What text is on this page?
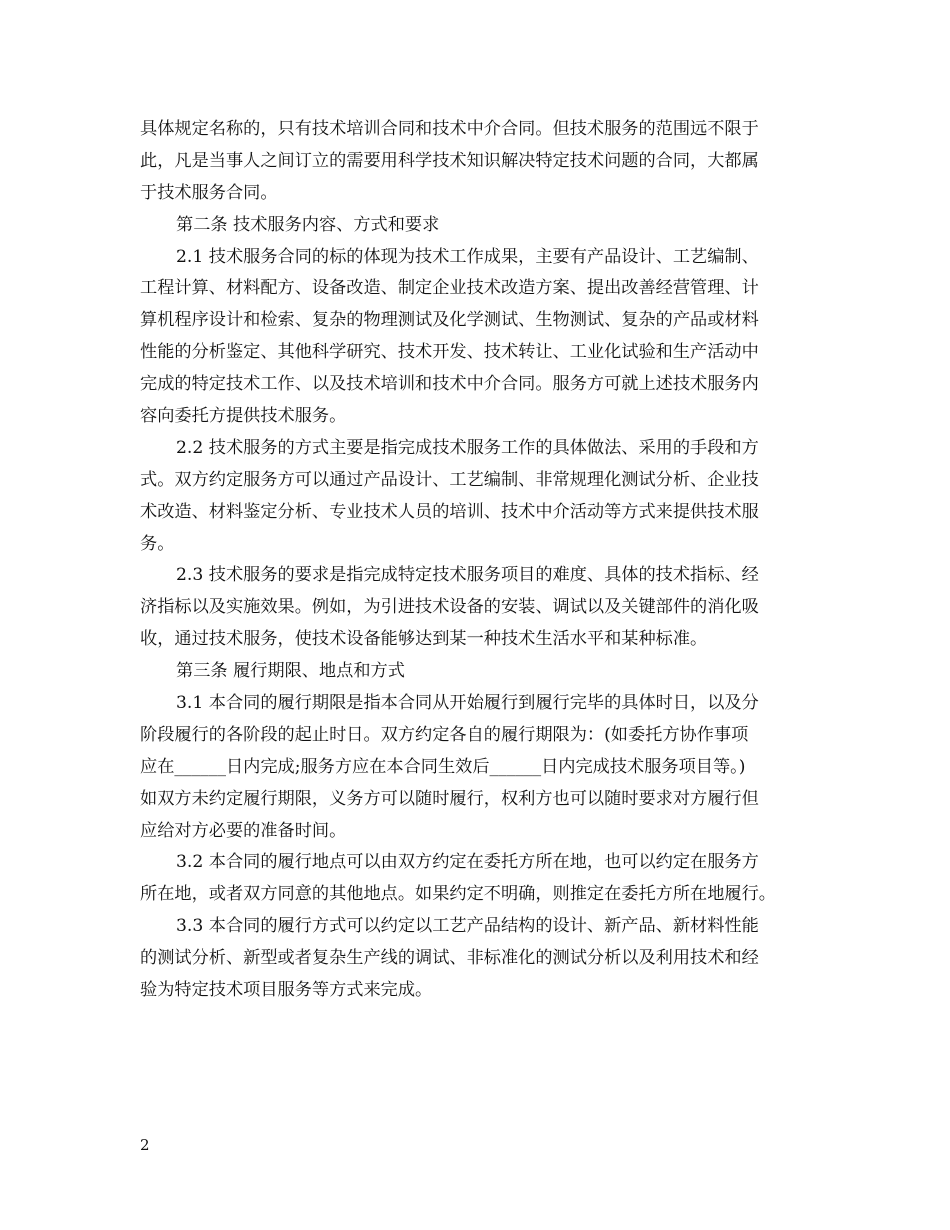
具体规定名称的，只有技术培训合同和技术中介合同。但技术服务的范围远不限于
此，凡是当事人之间订立的需要用科学技术知识解决特定技术问题的合同，大都属
于技术服务合同。
第二条 技术服务内容、方式和要求
2.1 技术服务合同的标的体现为技术工作成果，主要有产品设计、工艺编制、
工程计算、材料配方、设备改造、制定企业技术改造方案、提出改善经营管理、计
算机程序设计和检索、复杂的物理测试及化学测试、生物测试、复杂的产品或材料
性能的分析鉴定、其他科学研究、技术开发、技术转让、工业化试验和生产活动中
完成的特定技术工作、以及技术培训和技术中介合同。服务方可就上述技术服务内
容向委托方提供技术服务。
2.2 技术服务的方式主要是指完成技术服务工作的具体做法、采用的手段和方
式。双方约定服务方可以通过产品设计、工艺编制、非常规理化测试分析、企业技
术改造、材料鉴定分析、专业技术人员的培训、技术中介活动等方式来提供技术服
务。
2.3 技术服务的要求是指完成特定技术服务项目的难度、具体的技术指标、经
济指标以及实施效果。例如，为引进技术设备的安装、调试以及关键部件的消化吸
收，通过技术服务，使技术设备能够达到某一种技术生活水平和某种标准。
第三条 履行期限、地点和方式
3.1 本合同的履行期限是指本合同从开始履行到履行完毕的具体时日，以及分
阶段履行的各阶段的起止时日。双方约定各自的履行期限为：(如委托方协作事项
应在______日内完成;服务方应在本合同生效后______日内完成技术服务项目等。)
如双方未约定履行期限，义务方可以随时履行，权利方也可以随时要求对方履行但
应给对方必要的准备时间。
3.2 本合同的履行地点可以由双方约定在委托方所在地，也可以约定在服务方
所在地，或者双方同意的其他地点。如果约定不明确，则推定在委托方所在地履行。
3.3 本合同的履行方式可以约定以工艺产品结构的设计、新产品、新材料性能
的测试分析、新型或者复杂生产线的调试、非标准化的测试分析以及利用技术和经
验为特定技术项目服务等方式来完成。
2
